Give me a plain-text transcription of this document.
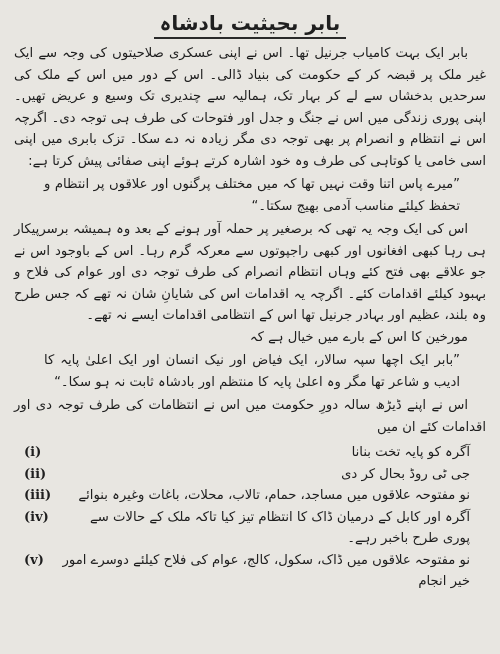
بابر بحیثیت بادشاہ

بابر ایک بہت کامیاب جرنیل تھا۔ اس نے اپنی عسکری صلاحیتوں کی وجہ سے ایک غیر ملک پر قبضہ کر کے حکومت کی بنیاد ڈالی۔ اس کے دور میں اس کے ملک کی سرحدیں بدخشاں سے لے کر بہار تک، ہمالیہ سے چندیری تک وسیع و عریض تھیں۔ اپنی پوری زندگی میں اس نے جنگ و جدل اور فتوحات کی طرف ہی توجہ دی۔ اگرچہ اس نے انتظام و انصرام پر بھی توجہ دی مگر زیادہ نہ دے سکا۔ تزک بابری میں اپنی اسی خامی یا کوتاہی کی طرف وہ خود اشارہ کرتے ہوئے اپنی صفائی پیش کرتا ہے:

”میرے پاس اتنا وقت نہیں تھا کہ میں مختلف پرگنوں اور علاقوں پر انتظام و تحفظ کیلئے مناسب آدمی بھیج سکتا۔“

اس کی ایک وجہ یہ تھی کہ برصغیر پر حملہ آور ہونے کے بعد وہ ہمیشہ برسرپیکار ہی رہا کبھی افغانوں اور کبھی راجپوتوں سے معرکہ گرم رہا۔ اس کے باوجود اس نے جو علاقے بھی فتح کئے وہاں انتظام انصرام کی طرف توجہ دی اور عوام کی فلاح و بہبود کیلئے اقدامات کئے۔ اگرچہ یہ اقدامات اس کی شایانِ شان نہ تھے کہ جس طرح وہ بلند، عظیم اور بہادر جرنیل تھا اس کے انتظامی اقدامات ایسے نہ تھے۔

مورخین کا اس کے بارے میں خیال ہے کہ

”بابر ایک اچھا سپہ سالار، ایک فیاض اور نیک انسان اور ایک اعلیٰ پایہ کا ادیب و شاعر تھا مگر وہ اعلیٰ پایہ کا منتظم اور بادشاہ ثابت نہ ہو سکا۔“

اس نے اپنے ڈیڑھ سالہ دورِ حکومت میں اس نے انتظامات کی طرف توجہ دی اور اقدامات کئے ان میں

(i)	آگرہ کو پایہ تخت بنانا
(ii)	جی ٹی روڈ بحال کر دی
(iii)	نو مفتوحہ علاقوں میں مساجد، حمام، تالاب، محلات، باغات وغیرہ بنوائے
(iv)	آگرہ اور کابل کے درمیان ڈاک کا انتظام تیز کیا تاکہ ملک کے حالات سے پوری طرح باخبر رہے۔
(v) نو مفتوحہ علاقوں میں ڈاک، سکول، کالج، عوام کی فلاح کیلئے دوسرے امور خیر انجام
